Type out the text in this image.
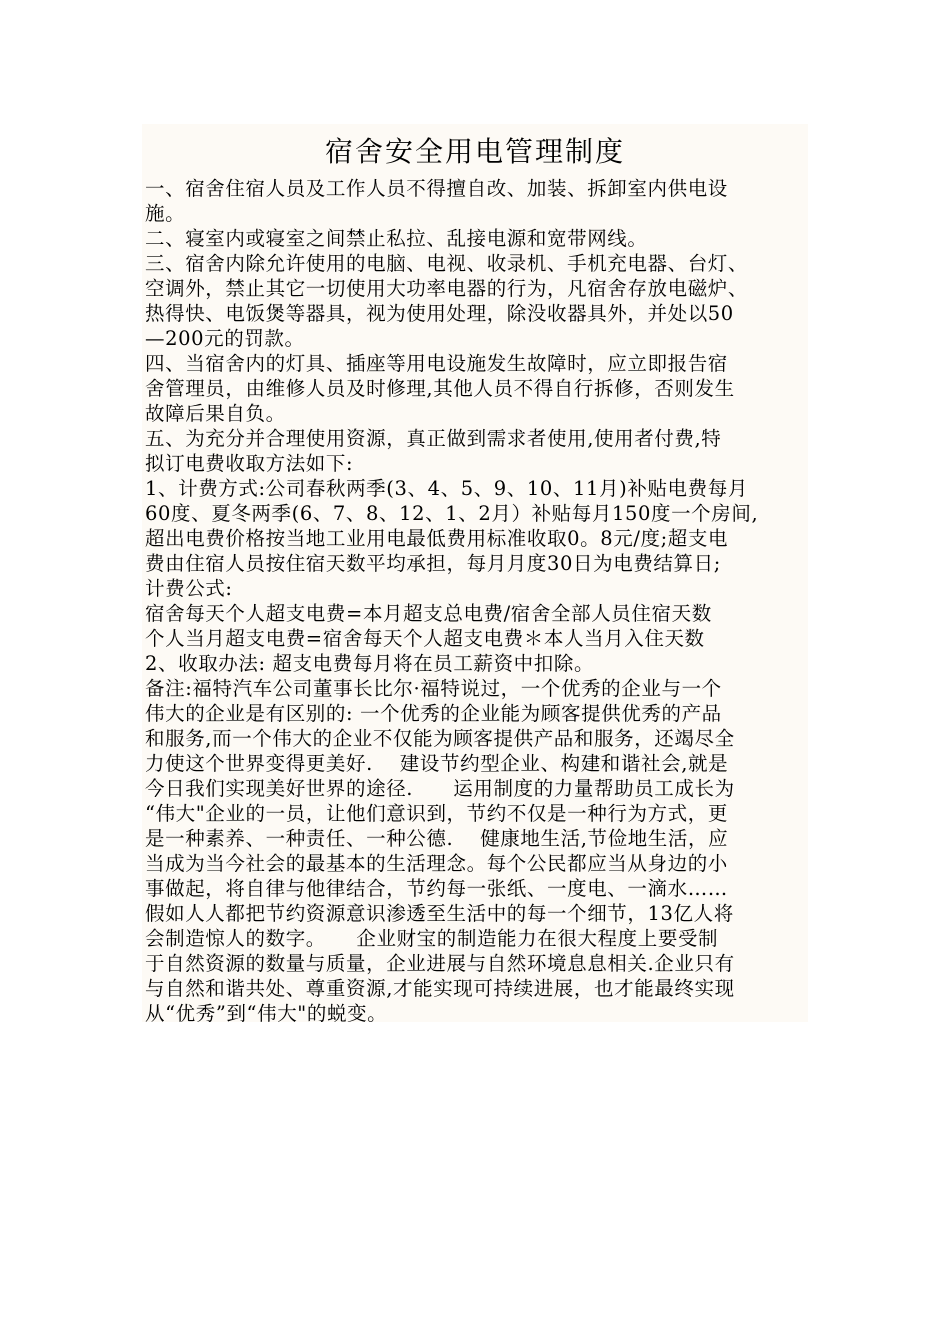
宿舍安全用电管理制度
一、宿舍住宿人员及工作人员不得擅自改、加装、拆卸室内供电设
施。
二、寝室内或寝室之间禁止私拉、乱接电源和宽带网线。
三、宿舍内除允许使用的电脑、电视、收录机、手机充电器、台灯、
空调外，禁止其它一切使用大功率电器的行为，凡宿舍存放电磁炉、
热得快、电饭煲等器具，视为使用处理，除没收器具外，并处以50
—200元的罚款。
四、当宿舍内的灯具、插座等用电设施发生故障时，应立即报告宿
舍管理员，由维修人员及时修理,其他人员不得自行拆修，否则发生
故障后果自负。
五、为充分并合理使用资源，真正做到需求者使用,使用者付费,特
拟订电费收取方法如下:
1、计费方式:公司春秋两季(3、4、5、9、10、11月)补贴电费每月
60度、夏冬两季(6、7、8、12、1、2月）补贴每月150度一个房间,
超出电费价格按当地工业用电最低费用标准收取0。8元/度;超支电
费由住宿人员按住宿天数平均承担，每月月度30日为电费结算日;
计费公式:
宿舍每天个人超支电费=本月超支总电费/宿舍全部人员住宿天数
个人当月超支电费=宿舍每天个人超支电费＊本人当月入住天数
2、收取办法: 超支电费每月将在员工薪资中扣除。
备注:福特汽车公司董事长比尔·福特说过，一个优秀的企业与一个
伟大的企业是有区别的: 一个优秀的企业能为顾客提供优秀的产品
和服务,而一个伟大的企业不仅能为顾客提供产品和服务，还竭尽全
力使这个世界变得更美好.　 建设节约型企业、构建和谐社会,就是
今日我们实现美好世界的途径.　　运用制度的力量帮助员工成长为
“伟大"企业的一员，让他们意识到，节约不仅是一种行为方式，更
是一种素养、一种责任、一种公德.　 健康地生活,节俭地生活，应
当成为当今社会的最基本的生活理念。每个公民都应当从身边的小
事做起，将自律与他律结合，节约每一张纸、一度电、一滴水……
假如人人都把节约资源意识渗透至生活中的每一个细节，13亿人将
会制造惊人的数字。　　企业财宝的制造能力在很大程度上要受制
于自然资源的数量与质量，企业进展与自然环境息息相关.企业只有
与自然和谐共处、尊重资源,才能实现可持续进展，也才能最终实现
从“优秀”到“伟大"的蜕变。
